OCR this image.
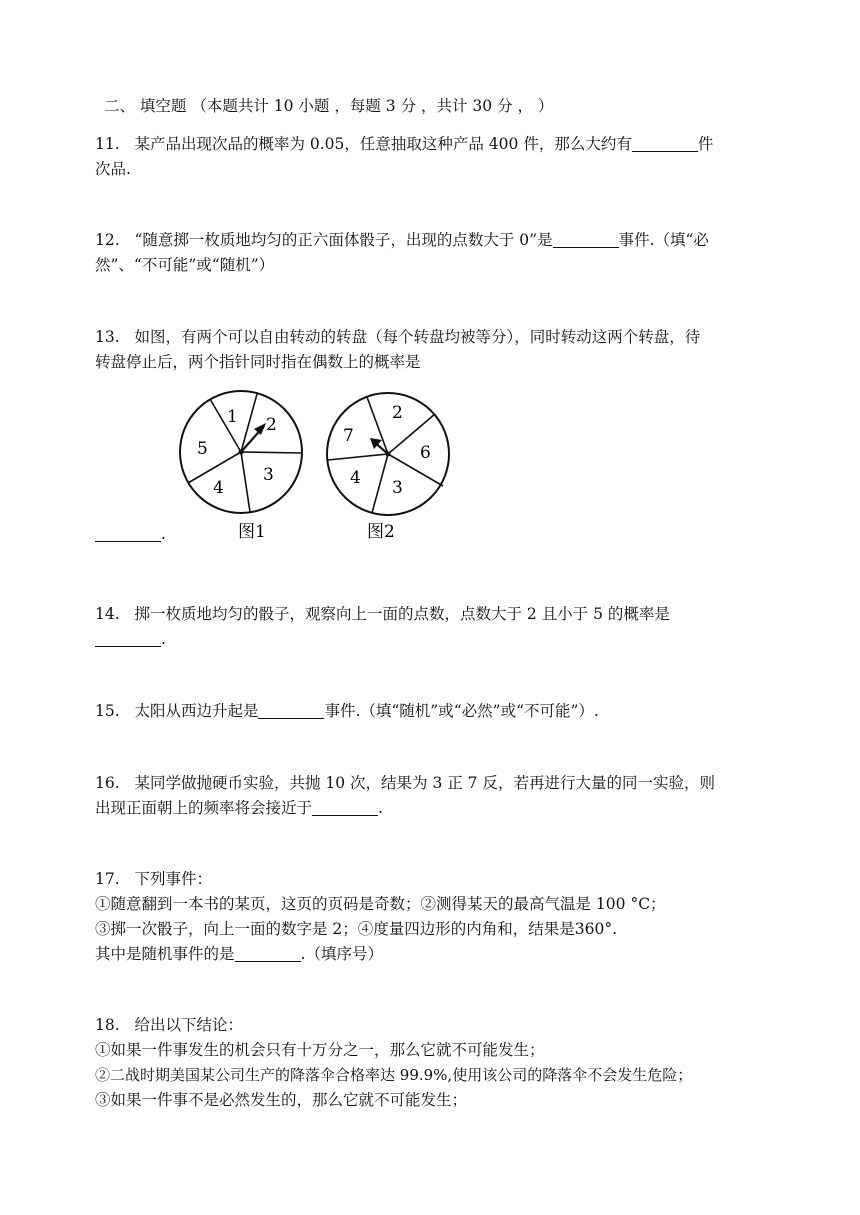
二、 填空题 （本题共计 10 小题 ，每题 3 分 ，共计 30 分 ， ）
11. 某产品出现次品的概率为 0.05，任意抽取这种产品 400 件，那么大约有	件
次品.
12. “随意掷一枚质地均匀的正六面体骰子，出现的点数大于 0”是	事件.（填“必
然”、“不可能”或“随机”）
13. 如图，有两个可以自由转动的转盘（每个转盘均被等分），同时转动这两个转盘，待
转盘停止后，两个指针同时指在偶数上的概率是
1 2
3
4
5
图1
2
6
3
4
7
图2
.
14. 掷一枚质地均匀的骰子，观察向上一面的点数，点数大于 2 且小于 5 的概率是
.
15. 太阳从西边升起是	事件.（填“随机”或“必然”或“不可能”）.
16. 某同学做抛硬币实验，共抛 10 次，结果为 3 正 7 反，若再进行大量的同一实验，则
出现正面朝上的频率将会接近于	.
17. 下列事件：
①随意翻到一本书的某页，这页的页码是奇数；②测得某天的最高气温是 100 °C；
③掷一次骰子，向上一面的数字是 2；④度量四边形的内角和，结果是360°.
其中是随机事件的是	.（填序号）
18. 给出以下结论：
①如果一件事发生的机会只有十万分之一，那么它就不可能发生；
②二战时期美国某公司生产的降落伞合格率达 99.9%,使用该公司的降落伞不会发生危险；
③如果一件事不是必然发生的，那么它就不可能发生；
